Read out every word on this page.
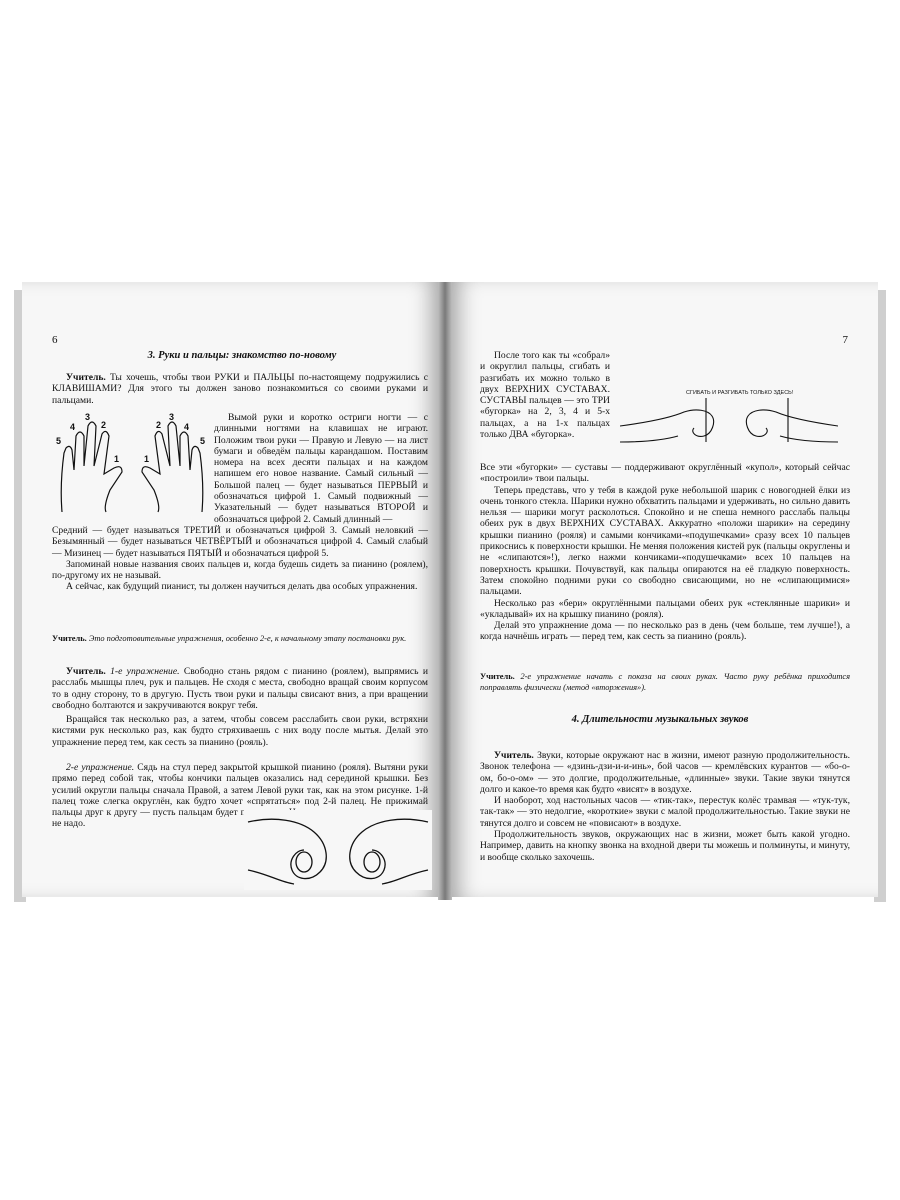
6
3. Руки и пальцы: знакомство по-новому

Учитель. Ты хочешь, чтобы твои РУКИ и ПАЛЬЦЫ по-настоящему подружились с КЛАВИШАМИ? Для этого ты должен заново познакомиться со своими руками и пальцами.

5
4
3
2
1	1
2
3
4
5

Вымой руки и коротко остриги ногти — с длинными ногтями на клавишах не играют. Положим твои руки — Правую и Левую — на лист бумаги и обведём пальцы карандашом. Поставим номера на всех десяти пальцах и на каждом напишем его новое название. Самый сильный — Большой палец — будет называться ПЕРВЫЙ и обозначаться цифрой 1. Самый подвижный — Указательный — будет называться ВТОРОЙ и обозначаться цифрой 2. Самый длинный —

Средний — будет называться ТРЕТИЙ и обозначаться цифрой 3. Самый неловкий — Безымянный — будет называться ЧЕТВЁРТЫЙ и обозначаться цифрой 4. Самый слабый — Мизинец — будет называться ПЯТЫЙ и обозначаться цифрой 5.

Запоминай новые названия своих пальцев и, когда будешь сидеть за пианино (роялем), по-другому их не называй.

А сейчас, как будущий пианист, ты должен научиться делать два особых упражнения.

Учитель. Это подготовительные упражнения, особенно 2-е, к начальному этапу постановки рук.

Учитель. 1-е упражнение. Свободно стань рядом с пианино (роялем), выпрямись и расслабь мышцы плеч, рук и пальцев. Не сходя с места, свободно вращай своим корпусом то в одну сторону, то в другую. Пусть твои руки и пальцы свисают вниз, а при вращении свободно болтаются и закручиваются вокруг тебя.

Вращайся так несколько раз, а затем, чтобы совсем расслабить свои руки, встряхни кистями рук несколько раз, как будто стряхиваешь с них воду после мытья. Делай это упражнение перед тем, как сесть за пианино (рояль).

2-е упражнение. Сядь на стул перед закрытой крышкой пианино (рояля). Вытяни руки прямо перед собой так, чтобы кончики пальцев оказались над серединой крышки. Без усилий округли пальцы сначала Правой, а затем Левой руки так, как на этом рисунке. 1-й палец тоже слегка округлён, как будто хочет «спрятаться» под 2-й палец. Не прижимай пальцы друг к другу — пусть пальцам будет просторно. Но и растопыривать пальцы тоже не надо.

7

После того как ты «собрал» и округлил пальцы, сгибать и разгибать их можно только в двух ВЕРХНИХ СУСТАВАХ. СУСТАВЫ пальцев — это ТРИ «бугорка» на 2, 3, 4 и 5-х пальцах, а на 1-х пальцах только ДВА «бугорка».

СГИБАТЬ И РАЗГИБАТЬ ТОЛЬКО ЗДЕСЬ!

Все эти «бугорки» — суставы — поддерживают округлённый «купол», который сейчас «построили» твои пальцы.

Теперь представь, что у тебя в каждой руке небольшой шарик с новогодней ёлки из очень тонкого стекла. Шарики нужно обхватить пальцами и удерживать, но сильно давить нельзя — шарики могут расколоться. Спокойно и не спеша немного расслабь пальцы обеих рук в двух ВЕРХНИХ СУСТАВАХ. Аккуратно «положи шарики» на середину крышки пианино (рояля) и самыми кончиками-«подушечками» сразу всех 10 пальцев прикоснись к поверхности крышки. Не меняя положения кистей рук (пальцы округлены и не «слипаются»!), легко нажми кончиками-«подушечками» всех 10 пальцев на поверхность крышки. Почувствуй, как пальцы опираются на её гладкую поверхность. Затем спокойно подними руки со свободно свисающими, но не «слипающимися» пальцами.

Несколько раз «бери» округлёнными пальцами обеих рук «стеклянные шарики» и «укладывай» их на крышку пианино (рояля).

Делай это упражнение дома — по несколько раз в день (чем больше, тем лучше!), а когда начнёшь играть — перед тем, как сесть за пианино (рояль).

Учитель. 2-е упражнение начать с показа на своих руках. Часто руку ребёнка приходится поправлять физически (метод «вторжения»).
4. Длительности музыкальных звуков

Учитель. Звуки, которые окружают нас в жизни, имеют разную продолжительность. Звонок телефона — «дзинь-дзи-и-и-инь», бой часов — кремлёвских курантов — «бо-о-ом, бо-о-ом» — это долгие, продолжительные, «длинные» звуки. Такие звуки тянутся долго и какое-то время как будто «висят» в воздухе.

И наоборот, ход настольных часов — «тик-так», перестук колёс трамвая — «тук-тук, так-так» — это недолгие, «короткие» звуки с малой продолжительностью. Такие звуки не тянутся долго и совсем не «повисают» в воздухе.

Продолжительность звуков, окружающих нас в жизни, может быть какой угодно. Например, давить на кнопку звонка на входной двери ты можешь и полминуты, и минуту, и вообще сколько захочешь.
